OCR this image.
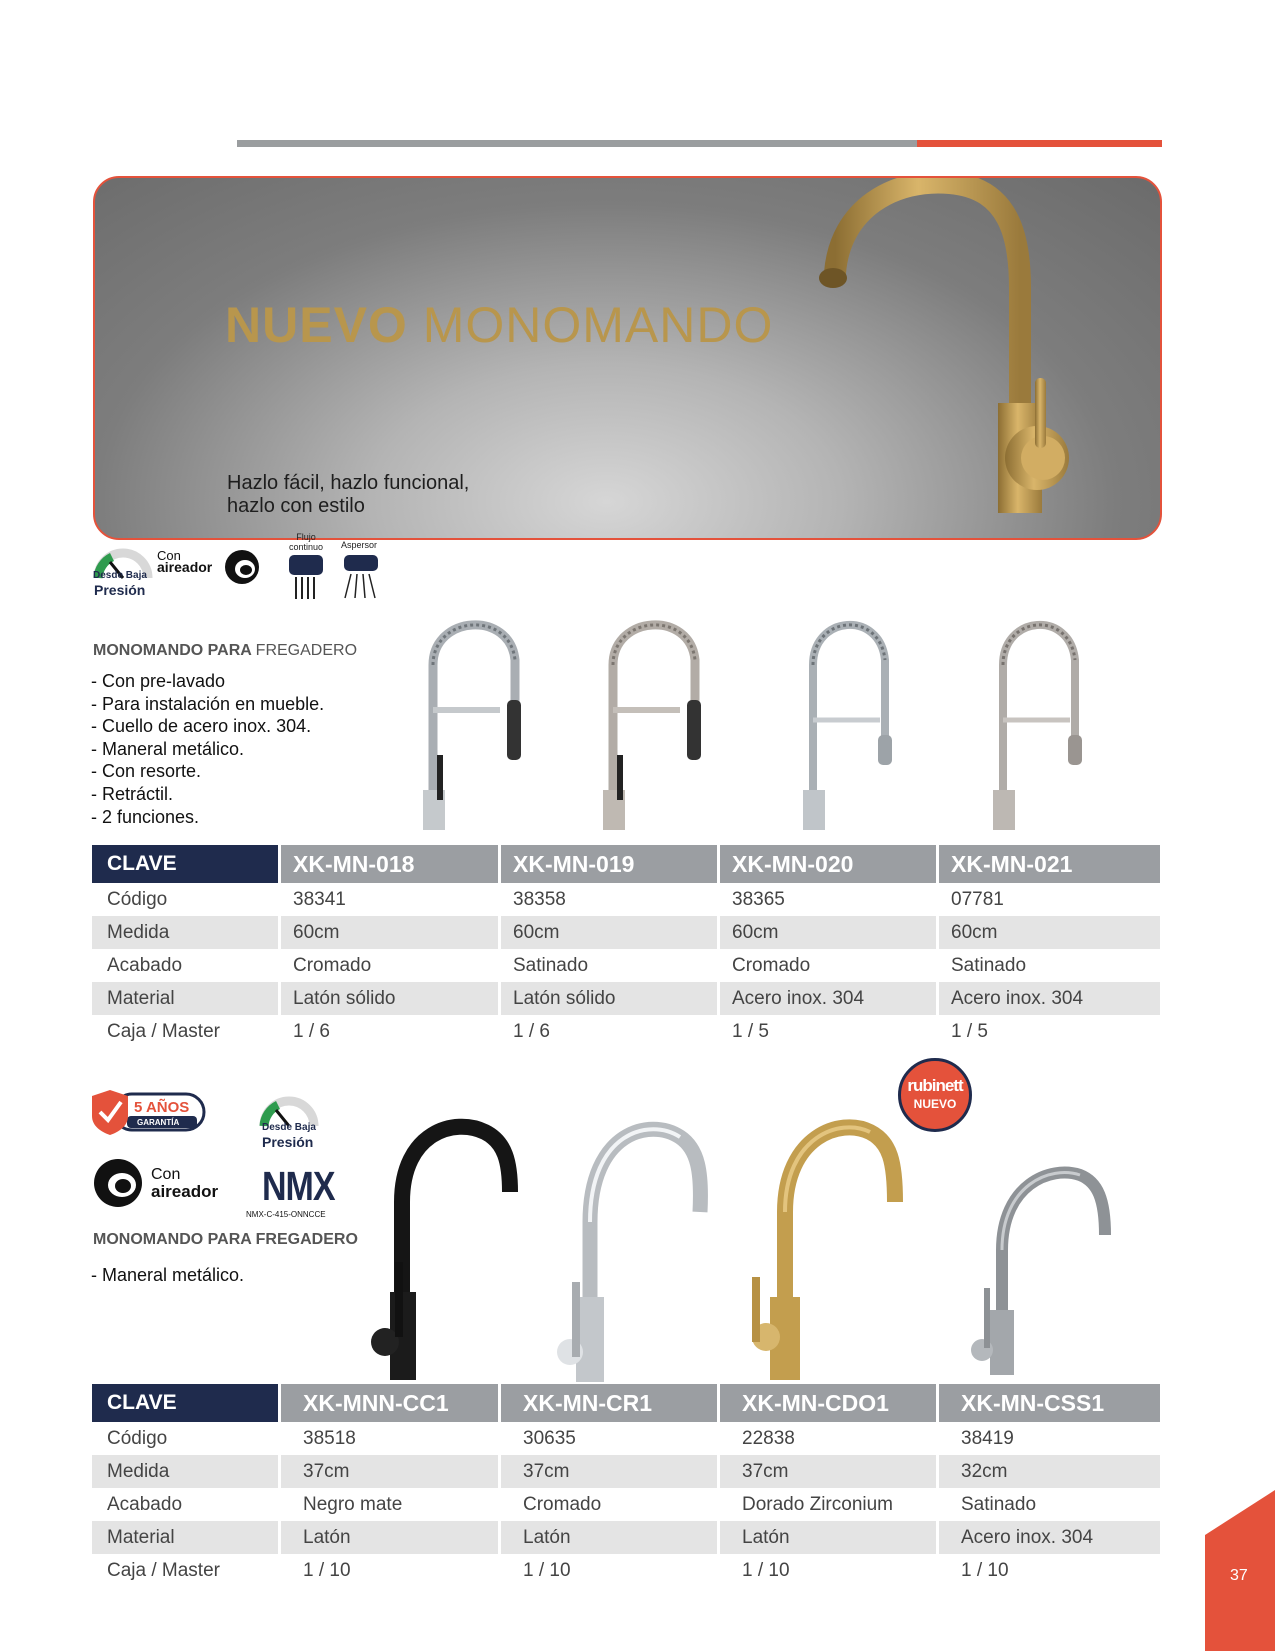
NUEVO MONOMANDO
Hazlo fácil, hazlo funcional,
hazlo con estilo
Desde Baja
Presión
Con
aireador
Flujo
continuo	Aspersor
MONOMANDO PARA FREGADERO
- Con pre-lavado
- Para instalación en mueble.
- Cuello de acero inox. 304.
- Maneral metálico.
- Con resorte.
- Retráctil.
- 2 funciones.
CLAVE	XK-MN-018	XK-MN-019	XK-MN-020	XK-MN-021
Código	38341	38358	38365	07781
Medida	60cm	60cm	60cm	60cm
Acabado	Cromado	Satinado	Cromado	Satinado
Material	Latón sólido	Latón sólido	Acero inox. 304	Acero inox. 304
Caja / Master	1 / 6	1 / 6	1 / 5	1 / 5
5 AÑOS
GARANTÍA	Desde Baja
Presión
Con
aireador NMX
NMX-C-415-ONNCCE
rubinett
NUEVO
MONOMANDO PARA FREGADERO
- Maneral metálico.
CLAVE	XK-MNN-CC1	XK-MN-CR1	XK-MN-CDO1	XK-MN-CSS1
Código	38518	30635	22838	38419
Medida	37cm	37cm	37cm	32cm
Acabado	Negro mate	Cromado	Dorado Zirconium	Satinado
Material	Latón	Latón	Latón	Acero inox. 304
Caja / Master	1 / 10	1 / 10	1 / 10	1 / 10	37
